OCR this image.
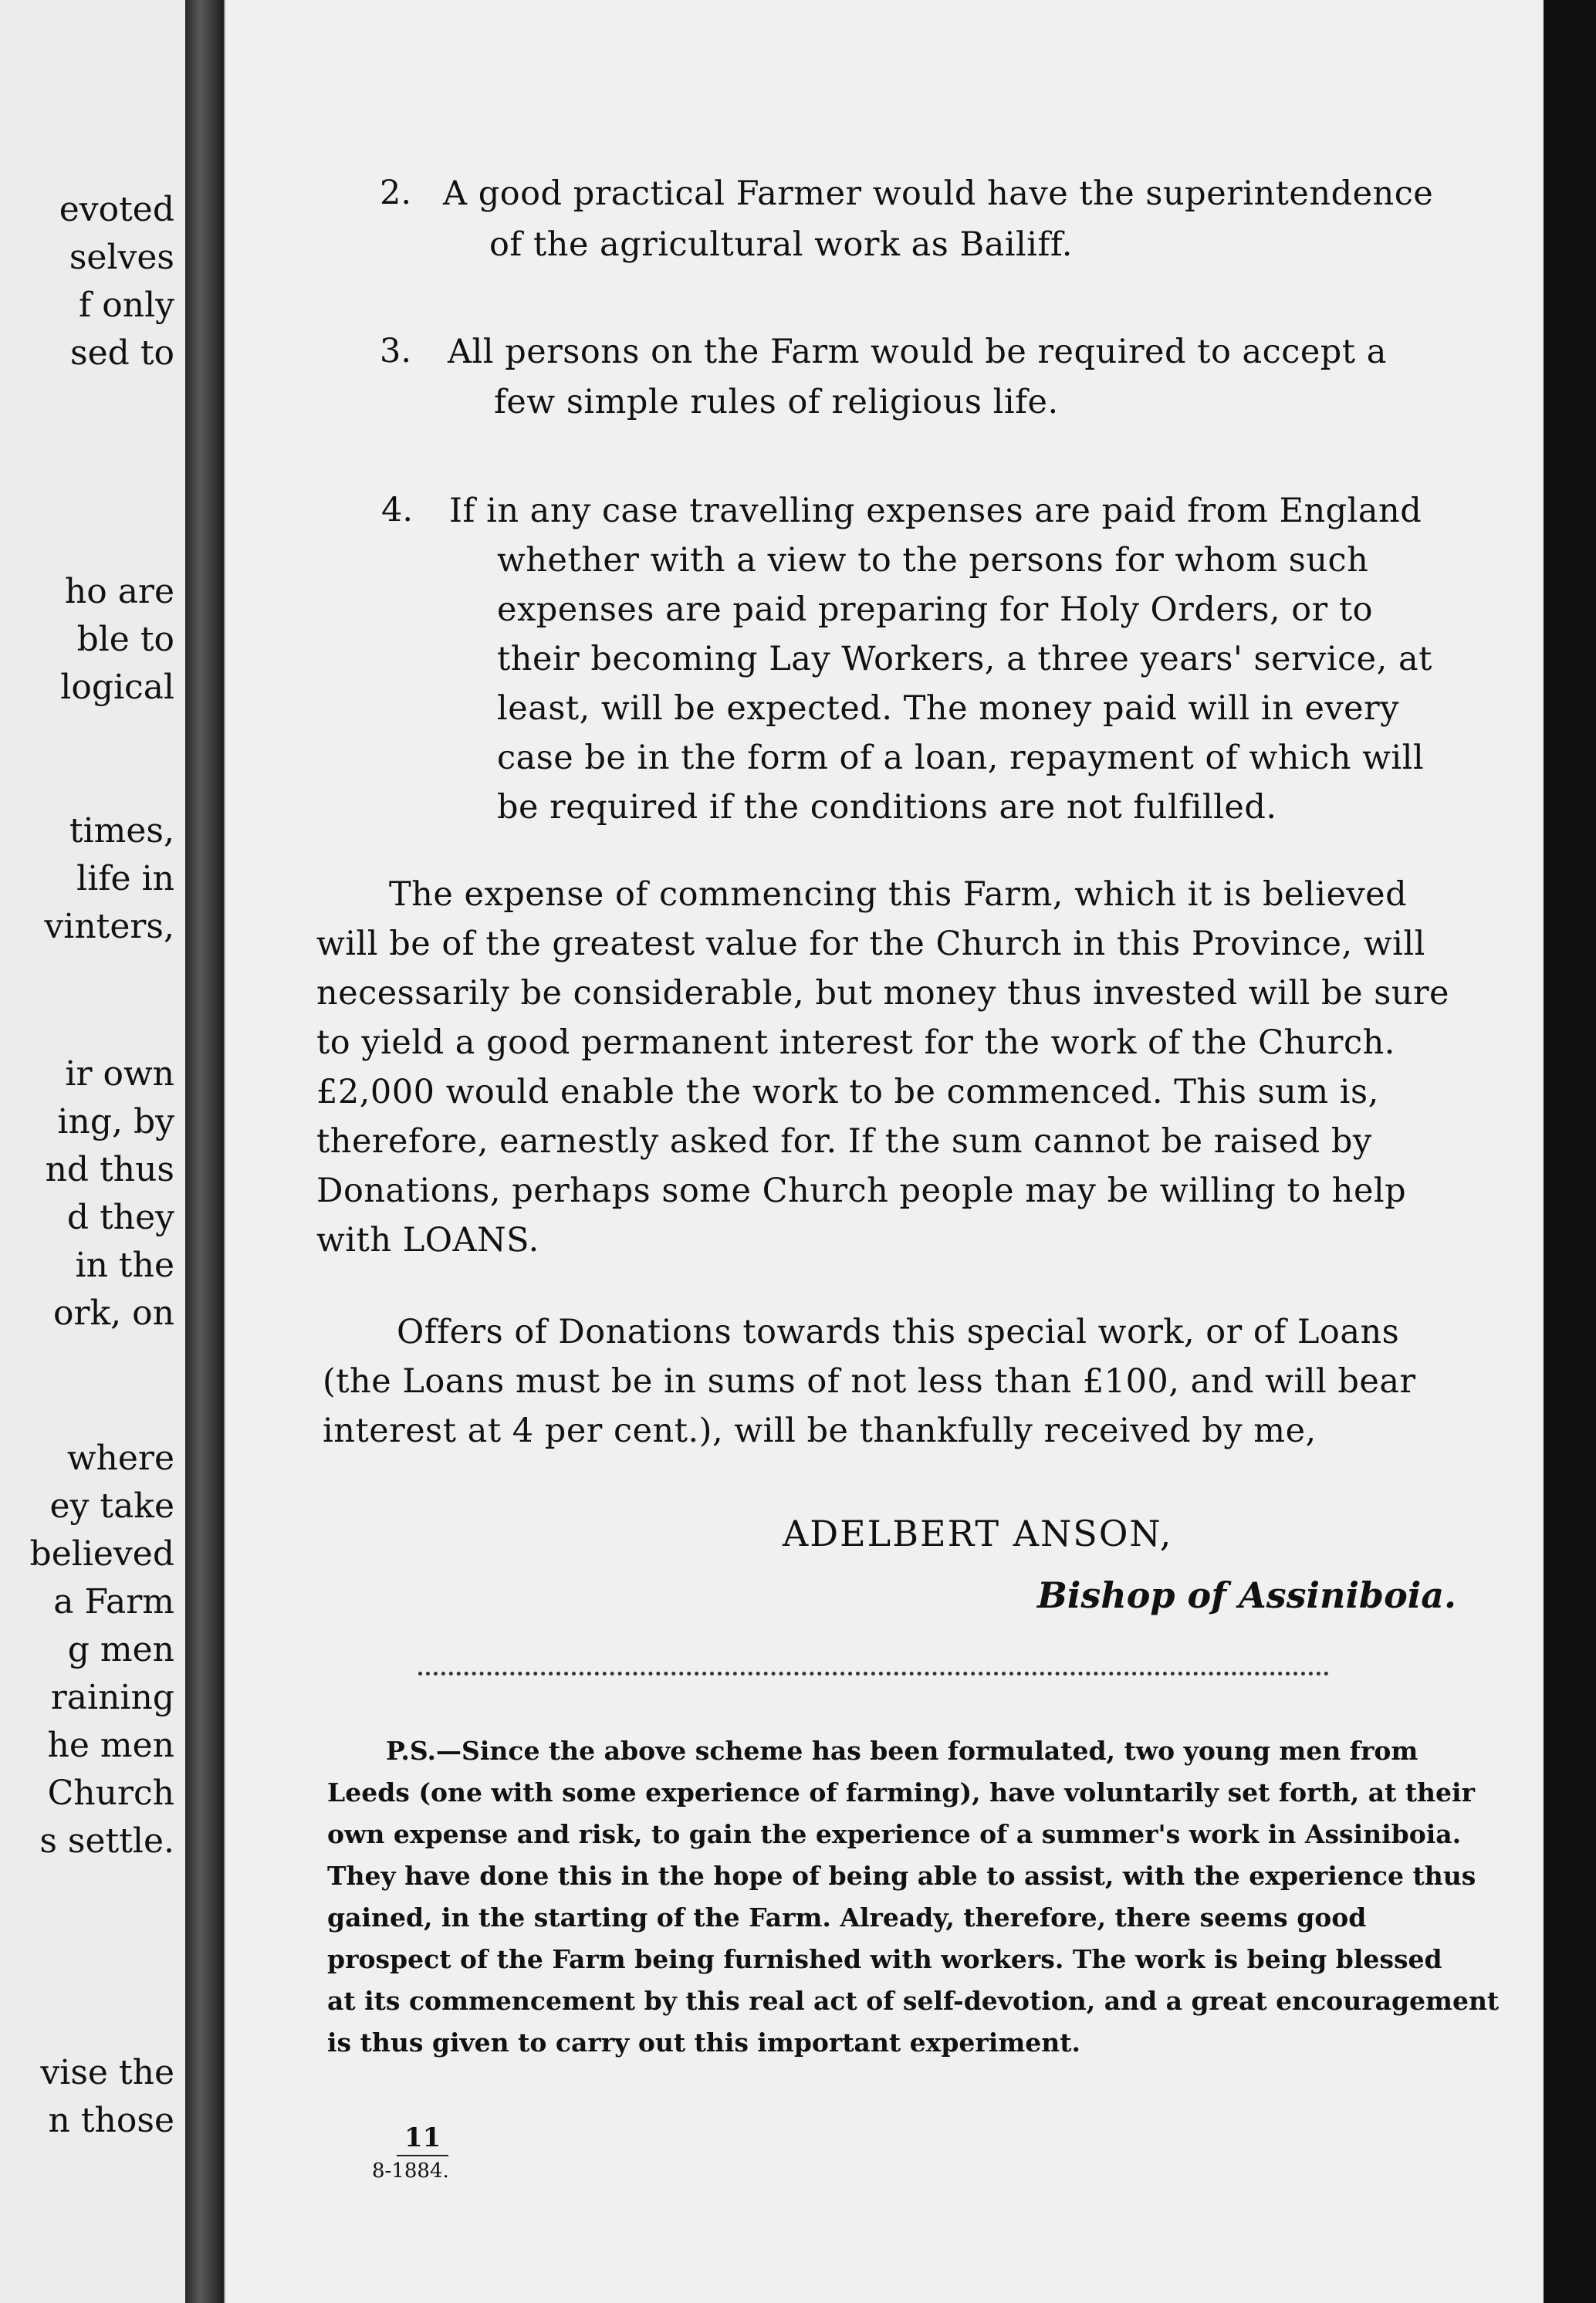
evoted
selves
f only
sed to
ho are
ble to
logical
times,
life in
vinters,
ir own
ing, by
nd thus
d they
in the
ork, on
where
ey take
believed
a Farm
g men
raining
he men
Church
s settle.
vise the
n those
2. A good practical Farmer would have the superintendence
of the agricultural work as Bailiff.
3. All persons on the Farm would be required to accept a
few simple rules of religious life.
4. If in any case travelling expenses are paid from England
whether with a view to the persons for whom such
expenses are paid preparing for Holy Orders, or to
their becoming Lay Workers, a three years' service, at
least, will be expected. The money paid will in every
case be in the form of a loan, repayment of which will
be required if the conditions are not fulfilled.
The expense of commencing this Farm, which it is believed
will be of the greatest value for the Church in this Province, will
necessarily be considerable, but money thus invested will be sure
to yield a good permanent interest for the work of the Church.
£2,000 would enable the work to be commenced. This sum is,
therefore, earnestly asked for. If the sum cannot be raised by
Donations, perhaps some Church people may be willing to help
with LOANS.
Offers of Donations towards this special work, or of Loans
(the Loans must be in sums of not less than £100, and will bear
interest at 4 per cent.), will be thankfully received by me,
ADELBERT ANSON,
Bishop of Assiniboia.
P.S.—Since the above scheme has been formulated, two young men from
Leeds (one with some experience of farming), have voluntarily set forth, at their
own expense and risk, to gain the experience of a summer's work in Assiniboia.
They have done this in the hope of being able to assist, with the experience thus
gained, in the starting of the Farm. Already, therefore, there seems good
prospect of the Farm being furnished with workers. The work is being blessed
at its commencement by this real act of self-devotion, and a great encouragement
is thus given to carry out this important experiment.
11
8-1884.
